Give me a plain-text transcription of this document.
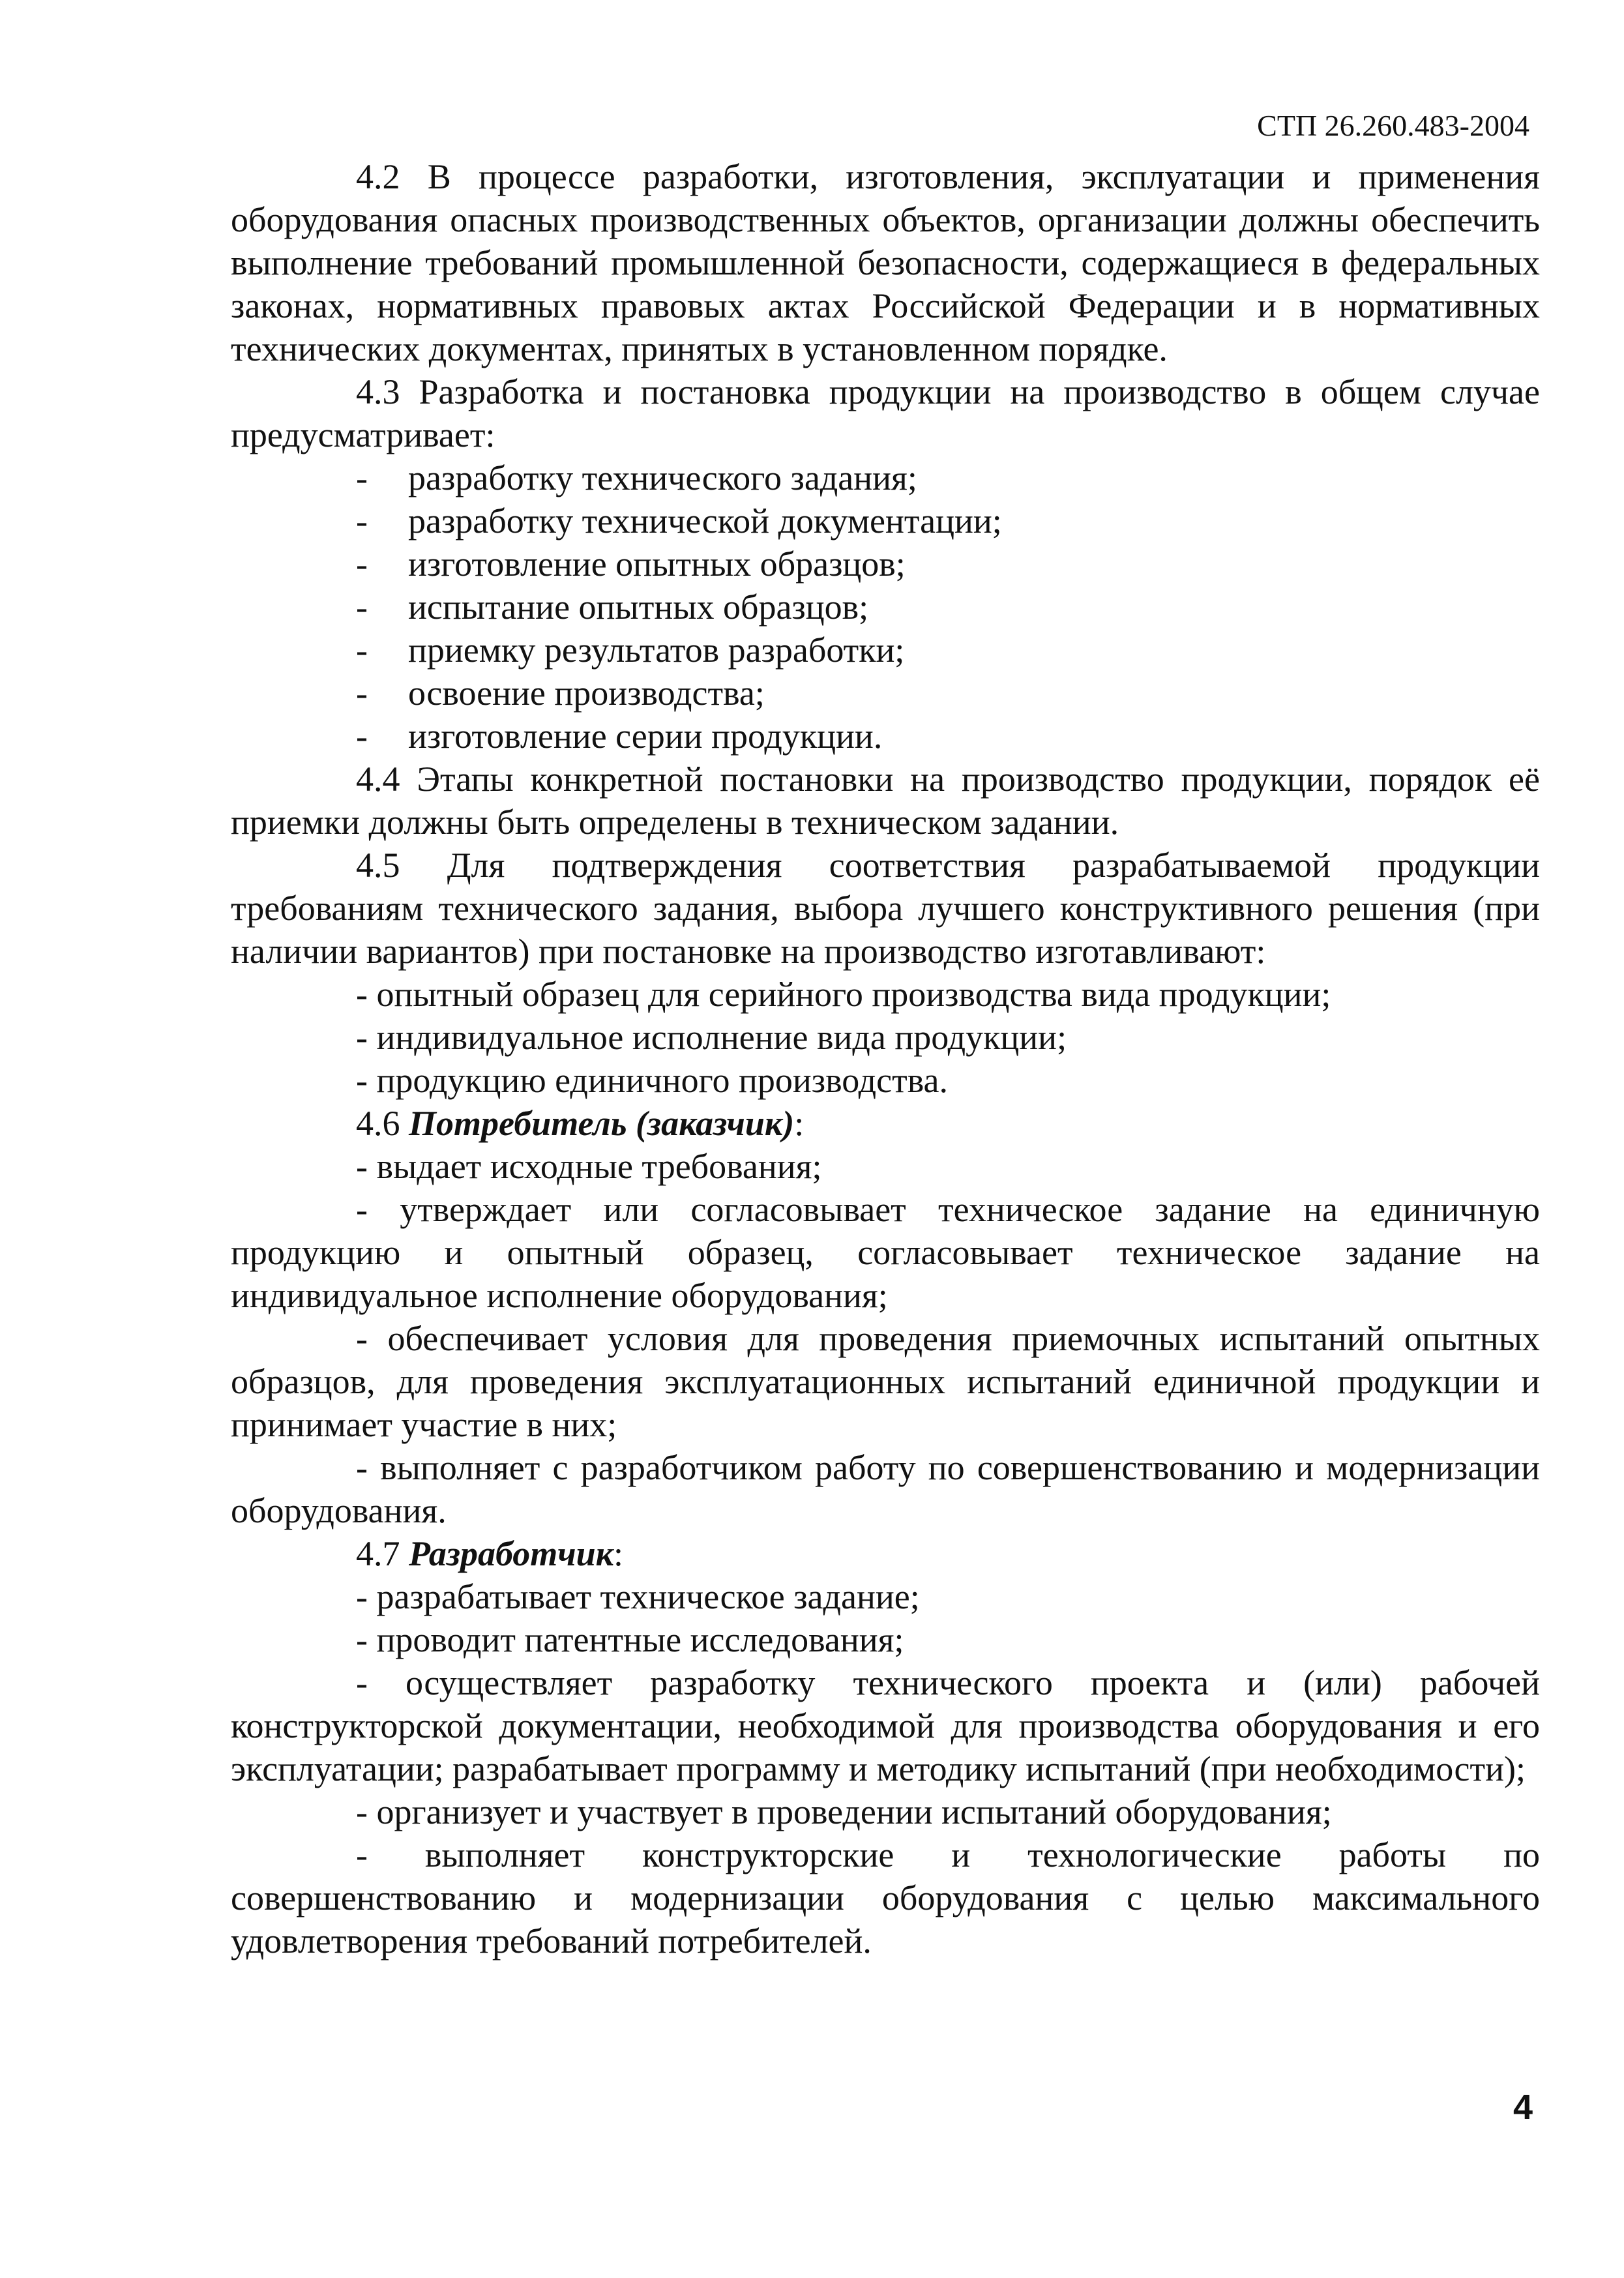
СТП 26.260.483-2004

4.2 В процессе разработки, изготовления, эксплуатации и применения оборудования опасных производственных объектов, организации должны обеспечить выполнение требований промышленной безопасности, содержащиеся в федеральных законах, нормативных правовых актах Российской Федерации и в нормативных технических документах, принятых в установленном порядке.

4.3 Разработка и постановка продукции на производство в общем случае предусматривает:

-	разработку технического задания;
-	разработку технической документации;
-	изготовление опытных образцов;
-	испытание опытных образцов;
-	приемку результатов разработки;
-	освоение производства;
-	изготовление серии продукции.

4.4 Этапы конкретной постановки на производство продукции, порядок её приемки должны быть определены в техническом задании.

4.5 Для подтверждения соответствия разрабатываемой продукции требованиям технического задания, выбора лучшего конструктивного решения (при наличии вариантов) при постановке на производство изготавливают:

- опытный образец для серийного производства вида продукции;

- индивидуальное исполнение вида продукции;

- продукцию единичного производства.

4.6 Потребитель (заказчик):

- выдает исходные требования;

- утверждает или согласовывает техническое задание на единичную продукцию и опытный образец, согласовывает техническое задание на индивидуальное исполнение оборудования;

- обеспечивает условия для проведения приемочных испытаний опытных образцов, для проведения эксплуатационных испытаний единичной продукции и принимает участие в них;

- выполняет с разработчиком работу по совершенствованию и модернизации оборудования.

4.7 Разработчик:

- разрабатывает техническое задание;

- проводит патентные исследования;

- осуществляет разработку технического проекта и (или) рабочей конструкторской документации, необходимой для производства оборудования и его эксплуатации; разрабатывает программу и методику испытаний (при необходимости);

- организует и участвует в проведении испытаний оборудования;

- выполняет конструкторские и технологические работы по совершенствованию и модернизации оборудования с целью максимального удовлетворения требований потребителей.

4
